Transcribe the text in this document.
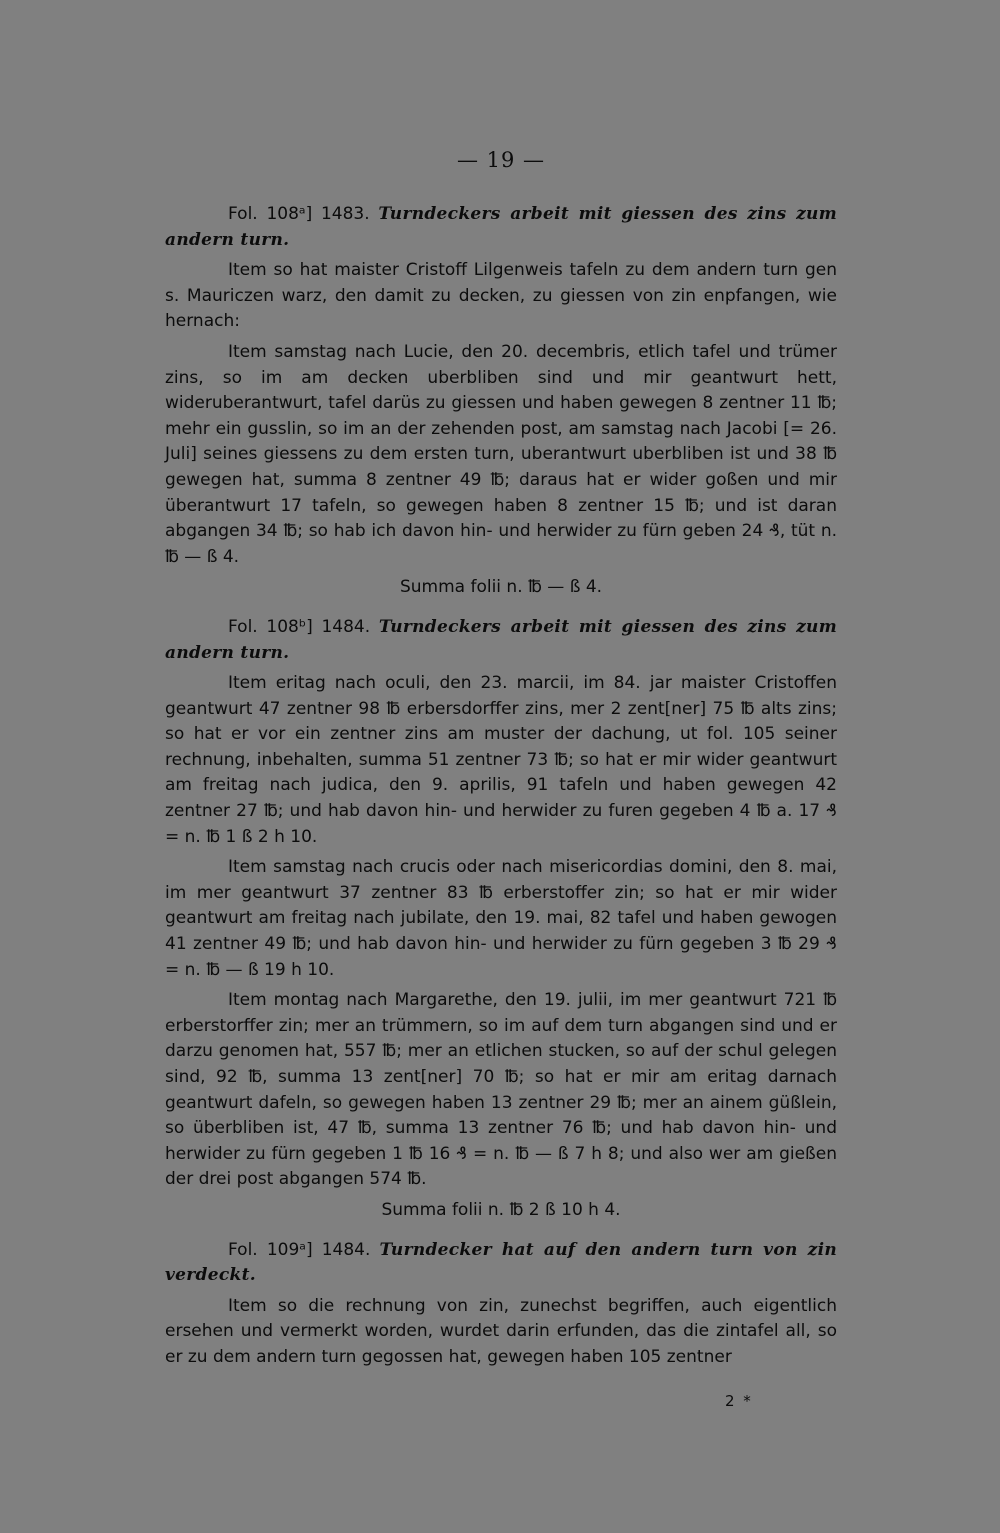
— 19 —

Fol. 108ᵃ] 1483. Turndeckers arbeit mit giessen des zins zum andern turn.

Item so hat maister Cristoff Lilgenweis tafeln zu dem andern turn gen s. Mauriczen warz, den damit zu decken, zu giessen von zin enpfangen, wie hernach:

Item samstag nach Lucie, den 20. decembris, etlich tafel und trümer zins, so im am decken uberbliben sind und mir geantwurt hett, wideruberantwurt, tafel darüs zu giessen und haben gewegen 8 zentner 11 ℔; mehr ein gusslin, so im an der zehenden post, am samstag nach Jacobi [= 26. Juli] seines giessens zu dem ersten turn, uberantwurt uberbliben ist und 38 ℔ gewegen hat, summa 8 zentner 49 ℔; daraus hat er wider goßen und mir überantwurt 17 tafeln, so gewegen haben 8 zentner 15 ℔; und ist daran abgangen 34 ℔; so hab ich davon hin- und herwider zu fürn geben 24 ₰, tüt n. ℔ — ß 4.

Summa folii n. ℔ — ß 4.

Fol. 108ᵇ] 1484. Turndeckers arbeit mit giessen des zins zum andern turn.

Item eritag nach oculi, den 23. marcii, im 84. jar maister Cristoffen geantwurt 47 zentner 98 ℔ erbersdorffer zins, mer 2 zent[ner] 75 ℔ alts zins; so hat er vor ein zentner zins am muster der dachung, ut fol. 105 seiner rechnung, inbehalten, summa 51 zentner 73 ℔; so hat er mir wider geantwurt am freitag nach judica, den 9. aprilis, 91 tafeln und haben gewegen 42 zentner 27 ℔; und hab davon hin- und herwider zu furen gegeben 4 ℔ a. 17 ₰ = n. ℔ 1 ß 2 h 10.

Item samstag nach crucis oder nach misericordias domini, den 8. mai, im mer geantwurt 37 zentner 83 ℔ erberstoffer zin; so hat er mir wider geantwurt am freitag nach jubilate, den 19. mai, 82 tafel und haben gewogen 41 zentner 49 ℔; und hab davon hin- und herwider zu fürn gegeben 3 ℔ 29 ₰ = n. ℔ — ß 19 h 10.

Item montag nach Margarethe, den 19. julii, im mer geantwurt 721 ℔ erberstorffer zin; mer an trümmern, so im auf dem turn abgangen sind und er darzu genomen hat, 557 ℔; mer an etlichen stucken, so auf der schul gelegen sind, 92 ℔, summa 13 zent[ner] 70 ℔; so hat er mir am eritag darnach geantwurt dafeln, so gewegen haben 13 zentner 29 ℔; mer an ainem güßlein, so überbliben ist, 47 ℔, summa 13 zentner 76 ℔; und hab davon hin- und herwider zu fürn gegeben 1 ℔ 16 ₰ = n. ℔ — ß 7 h 8; und also wer am gießen der drei post abgangen 574 ℔.

Summa folii n. ℔ 2 ß 10 h 4.

Fol. 109ᵃ] 1484. Turndecker hat auf den andern turn von zin verdeckt.

Item so die rechnung von zin, zunechst begriffen, auch eigentlich ersehen und vermerkt worden, wurdet darin erfunden, das die zintafel all, so er zu dem andern turn gegossen hat, gewegen haben 105 zentner

2 *
